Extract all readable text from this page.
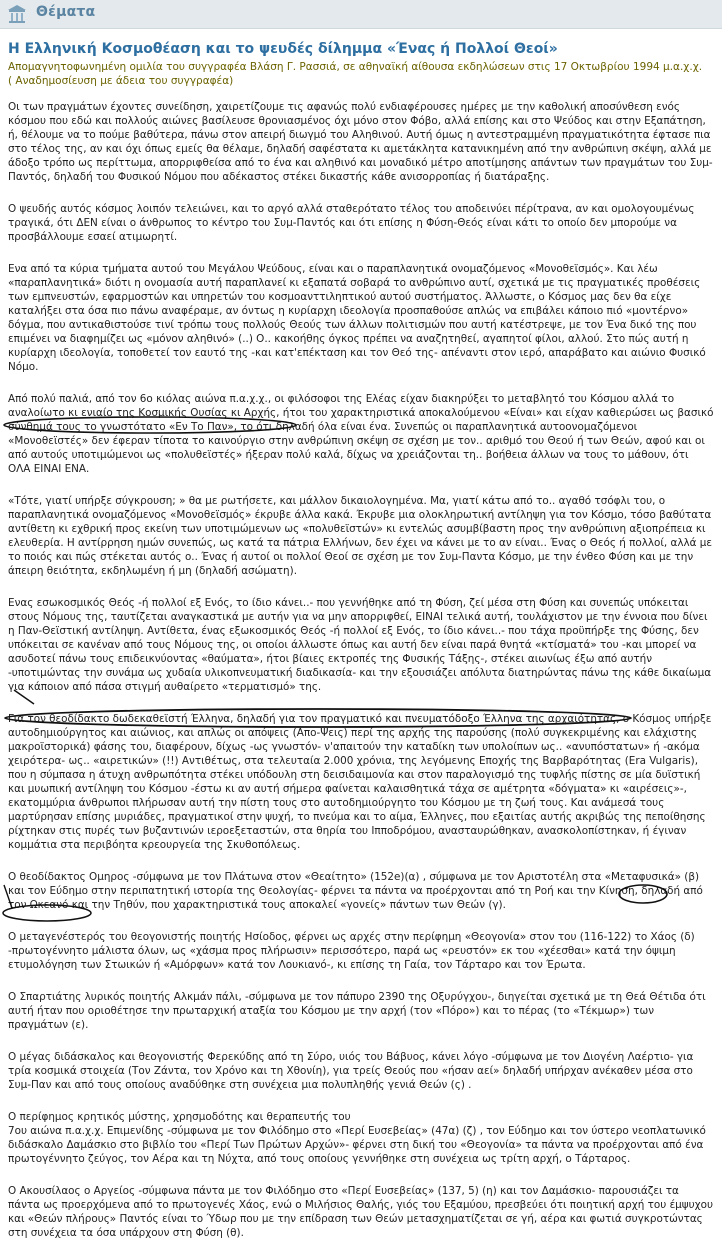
Θέματα
Η Ελληνική Κοσμοθέαση και το ψευδές δίλημμα «Ένας ή Πολλοί Θεοί»

Απομαγνητοφωνημένη ομιλία του συγγραφέα Βλάση Γ. Ρασσιά, σε αθηναϊκή αίθουσα εκδηλώσεων στις 17 Οκτωβρίου 1994 μ.α.χ.χ.

( Αναδημοσίευση με άδεια του συγγραφέα)

Οι των πραγμάτων έχοντες συνείδηση, χαιρετίζουμε τις αφανώς πολύ ενδιαφέρουσες ημέρες με την καθολική αποσύνθεση ενός κόσμου που εδώ και πολλούς αιώνες βασίλευσε θρονιασμένος όχι μόνο στον Φόβο, αλλά επίσης και στο Ψεύδος και στην Εξαπάτηση, ή, θέλουμε να το πούμε βαθύτερα, πάνω στον απειρή διωγμό του Αληθινού. Αυτή όμως η αντεστραμμένη πραγματικότητα έφτασε πια στο τέλος της, αν και όχι όπως εμείς θα θέλαμε, δηλαδή σαφέστατα κι αμετάκλητα κατανικημένη από την ανθρώπινη σκέψη, αλλά με άδοξο τρόπο ως περίττωμα, απορριφθείσα από το ένα και αληθινό και μοναδικό μέτρο αποτίμησης απάντων των πραγμάτων του Συμ-Παντός, δηλαδή του Φυσικού Νόμου που αδέκαστος στέκει δικαστής κάθε ανισορροπίας ή διατάραξης.

Ο ψευδής αυτός κόσμος λοιπόν τελειώνει, και το αργό αλλά σταθερότατο τέλος του αποδεινύει πέρίτρανα, αν και ομολογουμένως τραγικά, ότι ΔΕΝ είναι ο άνθρωπος το κέντρο του Συμ-Παντός και ότι επίσης η Φύση-Θεός είναι κάτι το οποίο δεν μπορούμε να προσβάλλουμε εσαεί ατιμωρητί.

Ενα από τα κύρια τμήματα αυτού του Μεγάλου Ψεύδους, είναι και ο παραπλανητικά ονομαζόμενος «Μονοθεϊσμός». Και λέω «παραπλανητικά» διότι η ονομασία αυτή παραπλανεί κι εξαπατά σοβαρά το ανθρώπινο αυτί, σχετικά με τις πραγματικές προθέσεις των εμπνευστών, εφαρμοστών και υπηρετών του κοσμοανττιληπτικού αυτού συστήματος. Άλλωστε, ο Κόσμος μας δεν θα είχε καταλήξει στα όσα πιο πάνω αναφέραμε, αν όντως η κυρίαρχη ιδεολογία προσπαθούσε απλώς να επιβάλει κάποιο πιό «μοντέρνο» δόγμα, που αντικαθιστούσε τινί τρόπω τους πολλούς Θεούς των άλλων πολιτισμών που αυτή κατέστρεψε, με τον Ένα δικό της που επιμένει να διαφημίζει ως «μόνον αληθινό» (..) Ο.. κακοήθης όγκος πρέπει να αναζητηθεί, αγαπητοί φίλοι, αλλού. Στο πώς αυτή η κυρίαρχη ιδεολογία, τοποθετεί τον εαυτό της -και κατ'επέκταση και τον Θεό της- απέναντι στον ιερό, απαράβατο και αιώνιο Φυσικό Νόμο.

Από πολύ παλιά, από τον 6ο κιόλας αιώνα π.α.χ.χ., οι φιλόσοφοι της Ελέας είχαν διακηρύξει το μεταβλητό του Κόσμου αλλά το αναλοίωτο κι ενιαίο της Κοσμικής Ουσίας κι Αρχής, ήτοι του χαρακτηριστικά αποκαλούμενου «Είναι» και είχαν καθιερώσει ως βασικό σύνθημά τους το γνωστότατο «Εν Το Παν», το ότι δηλαδή όλα είναι ένα. Συνεπώς οι παραπλανητικά αυτοονομαζόμενοι «Μονοθεϊστές» δεν έφεραν τίποτα το καινούργιο στην ανθρώπινη σκέψη σε σχέση με τον.. αριθμό του Θεού ή των Θεών, αφού και οι από αυτούς υποτιμώμενοι ως «πολυθεϊστές» ήξεραν πολύ καλά, δίχως να χρειάζονται τη.. βοήθεια άλλων να τους το μάθουν, ότι ΟΛΑ ΕΙΝΑΙ ΕΝΑ.

«Τότε, γιατί υπήρξε σύγκρουση; » θα με ρωτήσετε, και μάλλον δικαιολογημένα. Μα, γιατί κάτω από το.. αγαθό τσόφλι του, ο παραπλανητικά ονομαζόμενος «Μονοθεϊσμός» έκρυβε άλλα κακά. Έκρυβε μια ολοκληρωτική αντίληψη για τον Κόσμο, τόσο βαθύτατα αντίθετη κι εχθρική προς εκείνη των υποτιμώμενων ως «πολυθεϊστών» κι εντελώς ασυμβίβαστη προς την ανθρώπινη αξιοπρέπεια κι ελευθερία. Η αντίρρηση ημών συνεπώς, ως κατά τα πάτρια Ελλήνων, δεν έχει να κάνει με το αν είναι.. Ένας ο Θεός ή πολλοί, αλλά με το ποιός και πώς στέκεται αυτός ο.. Ένας ή αυτοί οι πολλοί Θεοί σε σχέση με τον Συμ-Παντα Κόσμο, με την ένθεο Φύση και με την άπειρη θειότητα, εκδηλωμένη ή μη (δηλαδή ασώματη).

Ενας εσωκοσμικός Θεός -ή πολλοί εξ Ενός, το ίδιο κάνει..- που γεννήθηκε από τη Φύση, ζεί μέσα στη Φύση και συνεπώς υπόκειται στους Νόμους της, ταυτίζεται αναγκαστικά με αυτήν για να μην απορριφθεί, ΕΙΝΑΙ τελικά αυτή, τουλάχιστον με την έννοια που δίνει η Παν-Θεϊστική αντίληψη. Αντίθετα, ένας εξωκοσμικός Θεός -ή πολλοί εξ Ενός, το ίδιο κάνει..- που τάχα προϋπήρξε της Φύσης, δεν υπόκειται σε κανέναν από τους Νόμους της, οι οποίοι άλλωστε όπως και αυτή δεν είναι παρά θνητά «κτίσματά» του -και μπορεί να ασυδοτεί πάνω τους επιδεικνύοντας «θαύματα», ήτοι βίαιες εκτροπές της Φυσικής Τάξης-, στέκει αιωνίως έξω από αυτήν -υποτιμώντας την συνάμα ως χυδαία υλικοπνευματική διαδικασία- και την εξουσιάζει απόλυτα διατηρώντας πάνω της κάθε δικαίωμα για κάποιον από πάσα στιγμή αυθαίρετο «τερματισμό» της.

Για τον θεοδίδακτο δωδεκαθεϊστή Έλληνα, δηλαδή για τον πραγματικό και πνευματόδοξο Έλληνα της αρχαιότητας, ο Κόσμος υπήρξε αυτοδημιούργητος και αιώνιος, και απλώς οι απόψεις (Απο-Ψεις) περί της αρχής της παρούσης (πολύ συγκεκριμένης και ελάχιστης μακροϊστορικά) φάσης του, διαφέρουν, δίχως -ως γνωστόν- ν'απαιτούν την καταδίκη των υπολοίπων ως.. «ανυπόστατων» ή -ακόμα χειρότερα- ως.. «αιρετικών» (!!) Αντιθέτως, στα τελευταία 2.000 χρόνια, της λεγόμενης Εποχής της Βαρβαρότητας (Era Vulgaris), που η σύμπασα η άτυχη ανθρωπότητα στέκει υπόδουλη στη δεισιδαιμονία και στον παραλογισμό της τυφλής πίστης σε μία δυϊστική και μυωπική αντίληψη του Κόσμου -έστω κι αν αυτή σήμερα φαίνεται καλαισθητικά τάχα σε αμέτρητα «δόγματα» κι «αιρέσεις»-, εκατομμύρια άνθρωποι πλήρωσαν αυτή την πίστη τους στο αυτοδημιούργητο του Κόσμου με τη ζωή τους. Και ανάμεσά τους μαρτύρησαν επίσης μυριάδες, πραγματικοί στην ψυχή, το πνεύμα και το αίμα, Έλληνες, που εξαιτίας αυτής ακριβώς της πεποίθησης ρίχτηκαν στις πυρές των βυζαντινών ιεροεξεταστών, στα θηρία του Ιπποδρόμου, ανασταυρώθηκαν, ανασκολοπίστηκαν, ή έγιναν κομμάτια στα περιβόητα κρεουργεία της Σκυθοπόλεως.

Ο θεοδίδακτος Ομηρος -σύμφωνα με τον Πλάτωνα στον «Θεαίτητο» (152e)(α) , σύμφωνα με τον Αριστοτέλη στα «Μεταφυσικά» (β) και τον Εύδημο στην περιπατητική ιστορία της Θεολογίας- φέρνει τα πάντα να προέρχονται από τη Ροή και την Κίνηση, δηλαδή από τον Ωκεανό και την Τηθύν, που χαρακτηριστικά τους αποκαλεί «γονείς» πάντων των Θεών (γ).

Ο μεταγενέστερός του θεογονιστής ποιητής Ησίοδος, φέρνει ως αρχές στην περίφημη «Θεογονία» στον του (116-122) το Χάος (δ) -πρωτογέννητο μάλιστα όλων, ως «χάσμα προς πλήρωσιν» περισσότερο, παρά ως «ρευστόν» εκ του «χέεσθαι» κατά την όψιμη ετυμολόγηση των Στωικών ή «Αμόρφων» κατά τον Λουκιανό-, κι επίσης τη Γαία, τον Τάρταρο και τον Έρωτα.

Ο Σπαρτιάτης λυρικός ποιητής Αλκμάν πάλι, -σύμφωνα με τον πάπυρο 2390 της Οξυρύγχου-, διηγείται σχετικά με τη Θεά Θέτιδα ότι αυτή ήταν που οριοθέτησε την πρωταρχική αταξία του Κόσμου με την αρχή (τον «Πόρο») και το πέρας (το «Τέκμωρ») των πραγμάτων (ε).

Ο μέγας διδάσκαλος και θεογονιστής Φερεκύδης από τη Σύρο, υιός του Βάβυος, κάνει λόγο -σύμφωνα με τον Διογένη Λαέρτιο- για τρία κοσμικά στοιχεία (Τον Ζάντα, τον Χρόνο και τη Χθονίη), για τρείς Θεούς που «ήσαν αεί» δηλαδή υπήρχαν ανέκαθεν μέσα στο Συμ-Παν και από τους οποίους αναδύθηκε στη συνέχεια μια πολυπληθής γενιά Θεών (ς) .

Ο περίφημος κρητικός μύστης, χρησμοδότης και θεραπευτής του

7ου αιώνα π.α.χ.χ. Επιμενίδης -σύμφωνα με τον Φιλόδημο στο «Περί Ευσεβείας» (47α) (ζ) , τον Εύδημο και τον ύστερο νεοπλατωνικό διδάσκαλο Δαμάσκιο στο βιβλίο του «Περί Των Πρώτων Αρχών»- φέρνει στη δική του «Θεογονία» τα πάντα να προέρχονται από ένα πρωτογέννητο ζεύγος, τον Αέρα και τη Νύχτα, από τους οποίους γεννήθηκε στη συνέχεια ως τρίτη αρχή, ο Τάρταρος.

Ο Ακουσίλαος ο Αργείος -σύμφωνα πάντα με τον Φιλόδημο στο «Περί Ευσεβείας» (137, 5) (η) και τον Δαμάσκιο- παρουσιάζει τα πάντα ως προερχόμενα από το πρωτογενές Χάος, ενώ ο Μιλήσιος Θαλής, γιός του Εξαμύου, πρεσβεύει ότι ποιητική αρχή του έμψυχου και «Θεών πλήρους» Παντός είναι το Ύδωρ που με την επίδραση των Θεών μετασχηματίζεται σε γή, αέρα και φωτιά συγκροτώντας στη συνέχεια τα όσα υπάρχουν στη Φύση (θ).
